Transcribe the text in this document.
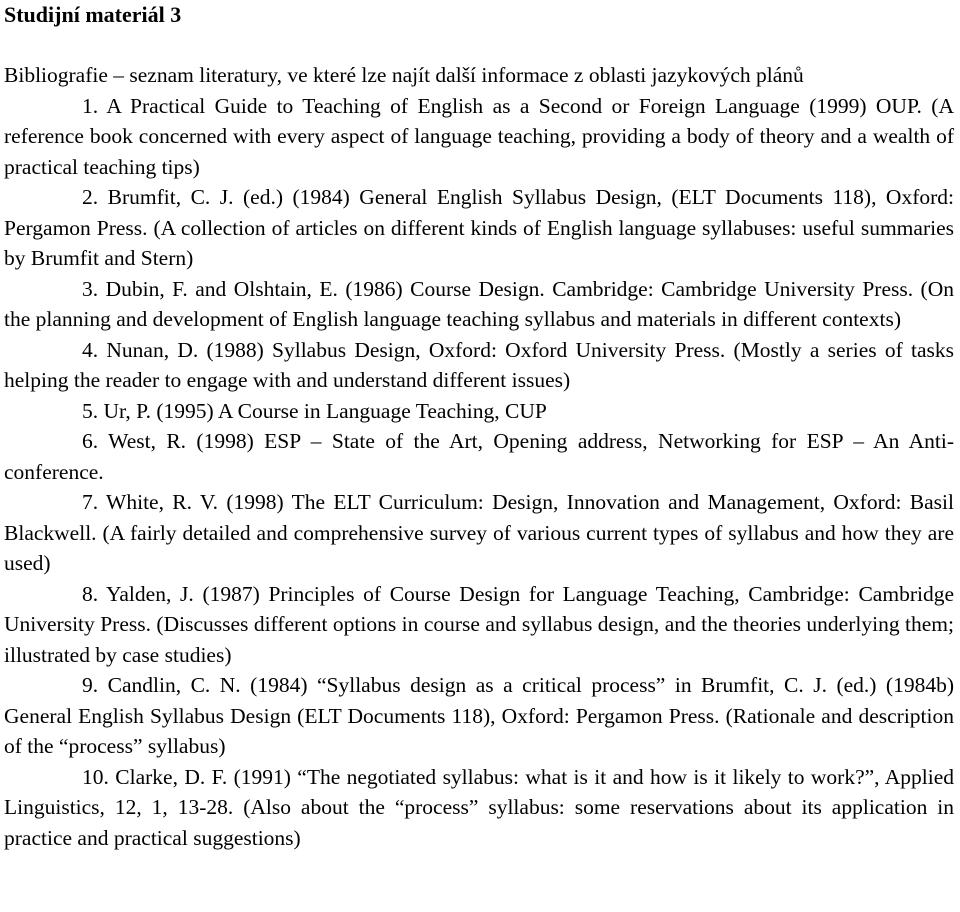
Studijní materiál 3

Bibliografie – seznam literatury, ve které lze najít další informace z oblasti jazykových plánů

1. A Practical Guide to Teaching of English as a Second or Foreign Language (1999) OUP. (A reference book concerned with every aspect of language teaching, providing a body of theory and a wealth of practical teaching tips)

2. Brumfit, C. J. (ed.) (1984) General English Syllabus Design, (ELT Documents 118), Oxford: Pergamon Press. (A collection of articles on different kinds of English language syllabuses: useful summaries by Brumfit and Stern)

3. Dubin, F. and Olshtain, E. (1986) Course Design. Cambridge: Cambridge University Press. (On the planning and development of English language teaching syllabus and materials in different contexts)

4. Nunan, D. (1988) Syllabus Design, Oxford: Oxford University Press. (Mostly a series of tasks helping the reader to engage with and understand different issues)

5. Ur, P. (1995) A Course in Language Teaching, CUP

6. West, R. (1998) ESP – State of the Art, Opening address, Networking for ESP – An Anti-conference.

7. White, R. V. (1998) The ELT Curriculum: Design, Innovation and Management, Oxford: Basil Blackwell. (A fairly detailed and comprehensive survey of various current types of syllabus and how they are used)

8. Yalden, J. (1987) Principles of Course Design for Language Teaching, Cambridge: Cambridge University Press. (Discusses different options in course and syllabus design, and the theories underlying them; illustrated by case studies)

9. Candlin, C. N. (1984) “Syllabus design as a critical process” in Brumfit, C. J. (ed.) (1984b) General English Syllabus Design (ELT Documents 118), Oxford: Pergamon Press. (Rationale and description of the “process” syllabus)

10. Clarke, D. F. (1991) “The negotiated syllabus: what is it and how is it likely to work?”, Applied Linguistics, 12, 1, 13-28. (Also about the “process” syllabus: some reservations about its application in practice and practical suggestions)
